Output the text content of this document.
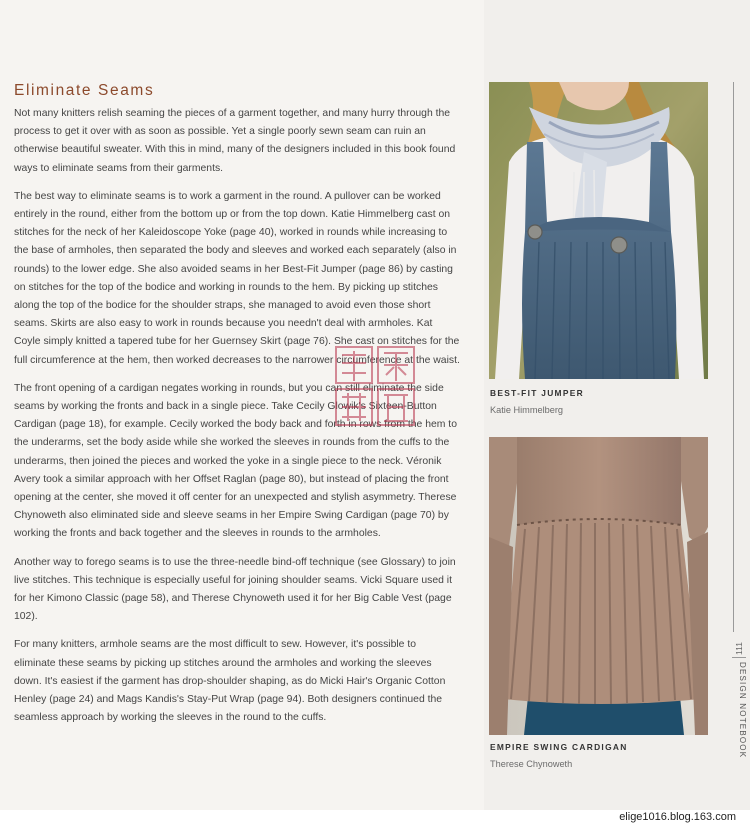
Eliminate Seams

Not many knitters relish seaming the pieces of a garment together, and many hurry through the process to get it over with as soon as possible. Yet a single poorly sewn seam can ruin an otherwise beautiful sweater. With this in mind, many of the designers included in this book found ways to eliminate seams from their garments.

The best way to eliminate seams is to work a garment in the round. A pullover can be worked entirely in the round, either from the bottom up or from the top down. Katie Himmelberg cast on stitches for the neck of her Kaleidoscope Yoke (page 40), worked in rounds while increasing to the base of armholes, then separated the body and sleeves and worked each separately (also in rounds) to the lower edge. She also avoided seams in her Best-Fit Jumper (page 86) by casting on stitches for the top of the bodice and working in rounds to the hem. By picking up stitches along the top of the bodice for the shoulder straps, she managed to avoid even those short seams. Skirts are also easy to work in rounds because you needn't deal with armholes. Kat Coyle simply knitted a tapered tube for her Guernsey Skirt (page 76). She cast on stitches for the full circumference at the hem, then worked decreases to the narrower circumference at the waist.

The front opening of a cardigan negates working in rounds, but you can still eliminate the side seams by working the fronts and back in a single piece. Take Cecily Glowik's Sixteen-Button Cardigan (page 18), for example. Cecily worked the body back and forth in rows from the hem to the underarms, set the body aside while she worked the sleeves in rounds from the cuffs to the underarms, then joined the pieces and worked the yoke in a single piece to the neck. Véronik Avery took a similar approach with her Offset Raglan (page 80), but instead of placing the front opening at the center, she moved it off center for an unexpected and stylish asymmetry. Therese Chynoweth also eliminated side and sleeve seams in her Empire Swing Cardigan (page 70) by working the fronts and back together and the sleeves in rounds to the armholes.

Another way to forego seams is to use the three-needle bind-off technique (see Glossary) to join live stitches. This technique is especially useful for joining shoulder seams. Vicki Square used it for her Kimono Classic (page 58), and Therese Chynoweth used it for her Big Cable Vest (page 102).

For many knitters, armhole seams are the most difficult to sew. However, it's possible to eliminate these seams by picking up stitches around the armholes and working the sleeves down. It's easiest if the garment has drop-shoulder shaping, as do Micki Hair's Organic Cotton Henley (page 24) and Mags Kandis's Stay-Put Wrap (page 94). Both designers continued the seamless approach by working the sleeves in the round to the cuffs.

BEST-FIT JUMPER
Katie Himmelberg
EMPIRE SWING CARDIGAN
Therese Chynoweth
111
DESIGN NOTEBOOK
elige1016.blog.163.com
